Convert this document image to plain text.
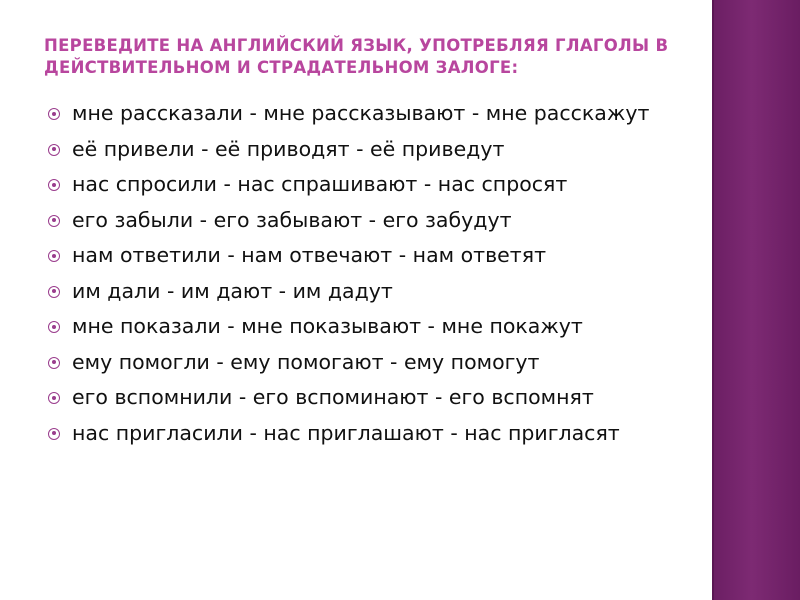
ПЕРЕВЕДИТЕ НА АНГЛИЙСКИЙ ЯЗЫК, УПОТРЕБЛЯЯ ГЛАГОЛЫ В ДЕЙСТВИТЕЛЬНОМ И СТРАДАТЕЛЬНОМ ЗАЛОГЕ:
мне рассказали - мне рассказывают - мне расскажут
её привели - её приводят - её приведут
нас спросили - нас спрашивают - нас спросят
его забыли - его забывают - его забудут
нам ответили - нам отвечают - нам ответят
им дали - им дают - им дадут
мне показали - мне показывают - мне покажут
ему помогли - ему помогают - ему помогут
его вспомнили - его вспоминают - его вспомнят
нас пригласили - нас приглашают - нас пригласят
